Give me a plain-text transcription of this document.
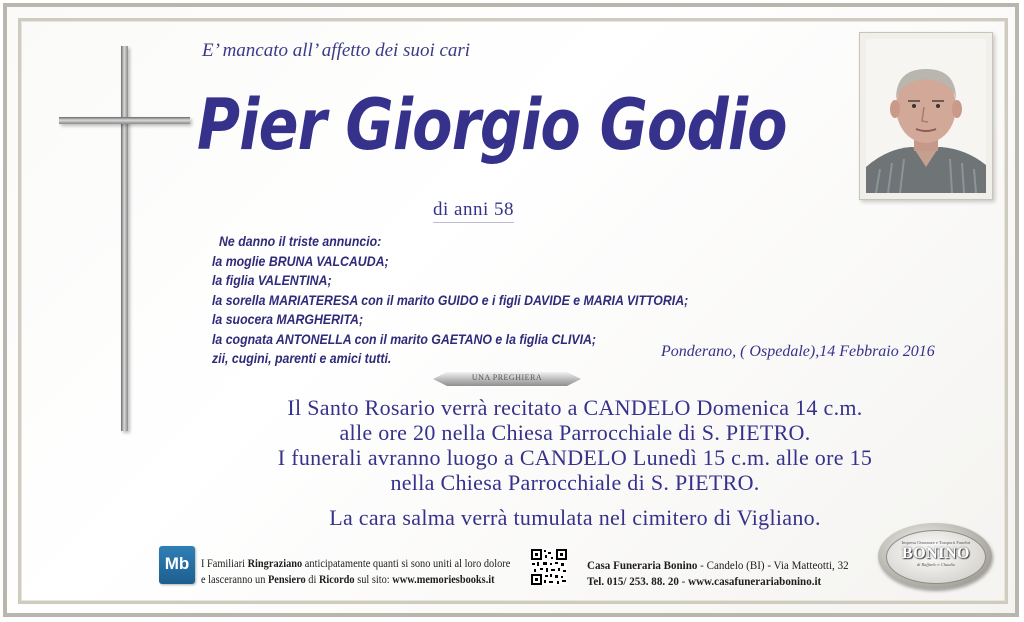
E’ mancato all’ affetto dei suoi cari
Pier Giorgio Godio
di anni 58
Ne danno il triste annuncio:
la moglie BRUNA VALCAUDA;
la figlia VALENTINA;
la sorella MARIATERESA con il marito GUIDO e i figli DAVIDE e MARIA VITTORIA;
la suocera MARGHERITA;
la cognata ANTONELLA con il marito GAETANO e la figlia CLIVIA;
zii, cugini, parenti e amici tutti.	Ponderano, ( Ospedale),14 Febbraio 2016
UNA PREGHIERA
Il Santo Rosario verrà recitato a CANDELO Domenica 14 c.m.
alle ore 20 nella Chiesa Parrocchiale di S. PIETRO.
I funerali avranno luogo a CANDELO Lunedì 15 c.m. alle ore 15
nella Chiesa Parrocchiale di S. PIETRO.
La cara salma verrà tumulata nel cimitero di Vigliano.
Mb	I Familiari Ringraziano anticipatamente quanti si sono uniti al loro dolore
e lasceranno un Pensiero di Ricordo sul sito: www.memoriesbooks.it
Casa Funeraria Bonino - Candelo (BI) - Via Matteotti, 32
Tel. 015/ 253. 88. 20 - www.casafunerariabonino.it
Impresa Onoranze e Trasporti Funebri
BONINO
di Raffaele e Claudio
